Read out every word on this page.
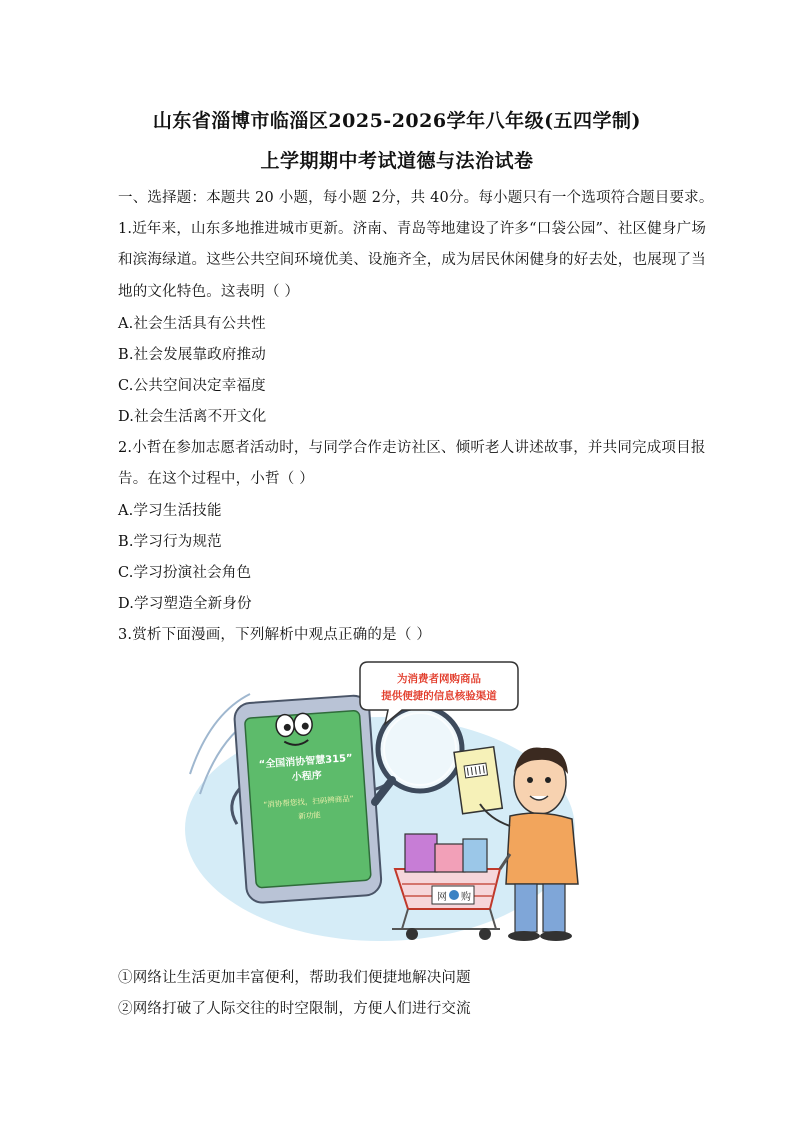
山东省淄博市临淄区2025-2026学年八年级(五四学制)
上学期期中考试道德与法治试卷
一、选择题：本题共 20 小题，每小题 2分，共 40分。每小题只有一个选项符合题目要求。
1.近年来，山东多地推进城市更新。济南、青岛等地建设了许多“口袋公园”、社区健身广场
和滨海绿道。这些公共空间环境优美、设施齐全，成为居民休闲健身的好去处，也展现了当
地的文化特色。这表明（ ）
A.社会生活具有公共性
B.社会发展靠政府推动
C.公共空间决定幸福度
D.社会生活离不开文化
2.小哲在参加志愿者活动时，与同学合作走访社区、倾听老人讲述故事，并共同完成项目报
告。在这个过程中，小哲（ ）
A.学习生活技能
B.学习行为规范
C.学习扮演社会角色
D.学习塑造全新身份
3.赏析下面漫画，下列解析中观点正确的是（ ）
“全国消协智慧315”
小程序
“消协帮您找，扫码辨商品”
新功能
为消费者网购商品
提供便捷的信息核验渠道
网 购
①网络让生活更加丰富便利，帮助我们便捷地解决问题
②网络打破了人际交往的时空限制，方便人们进行交流
